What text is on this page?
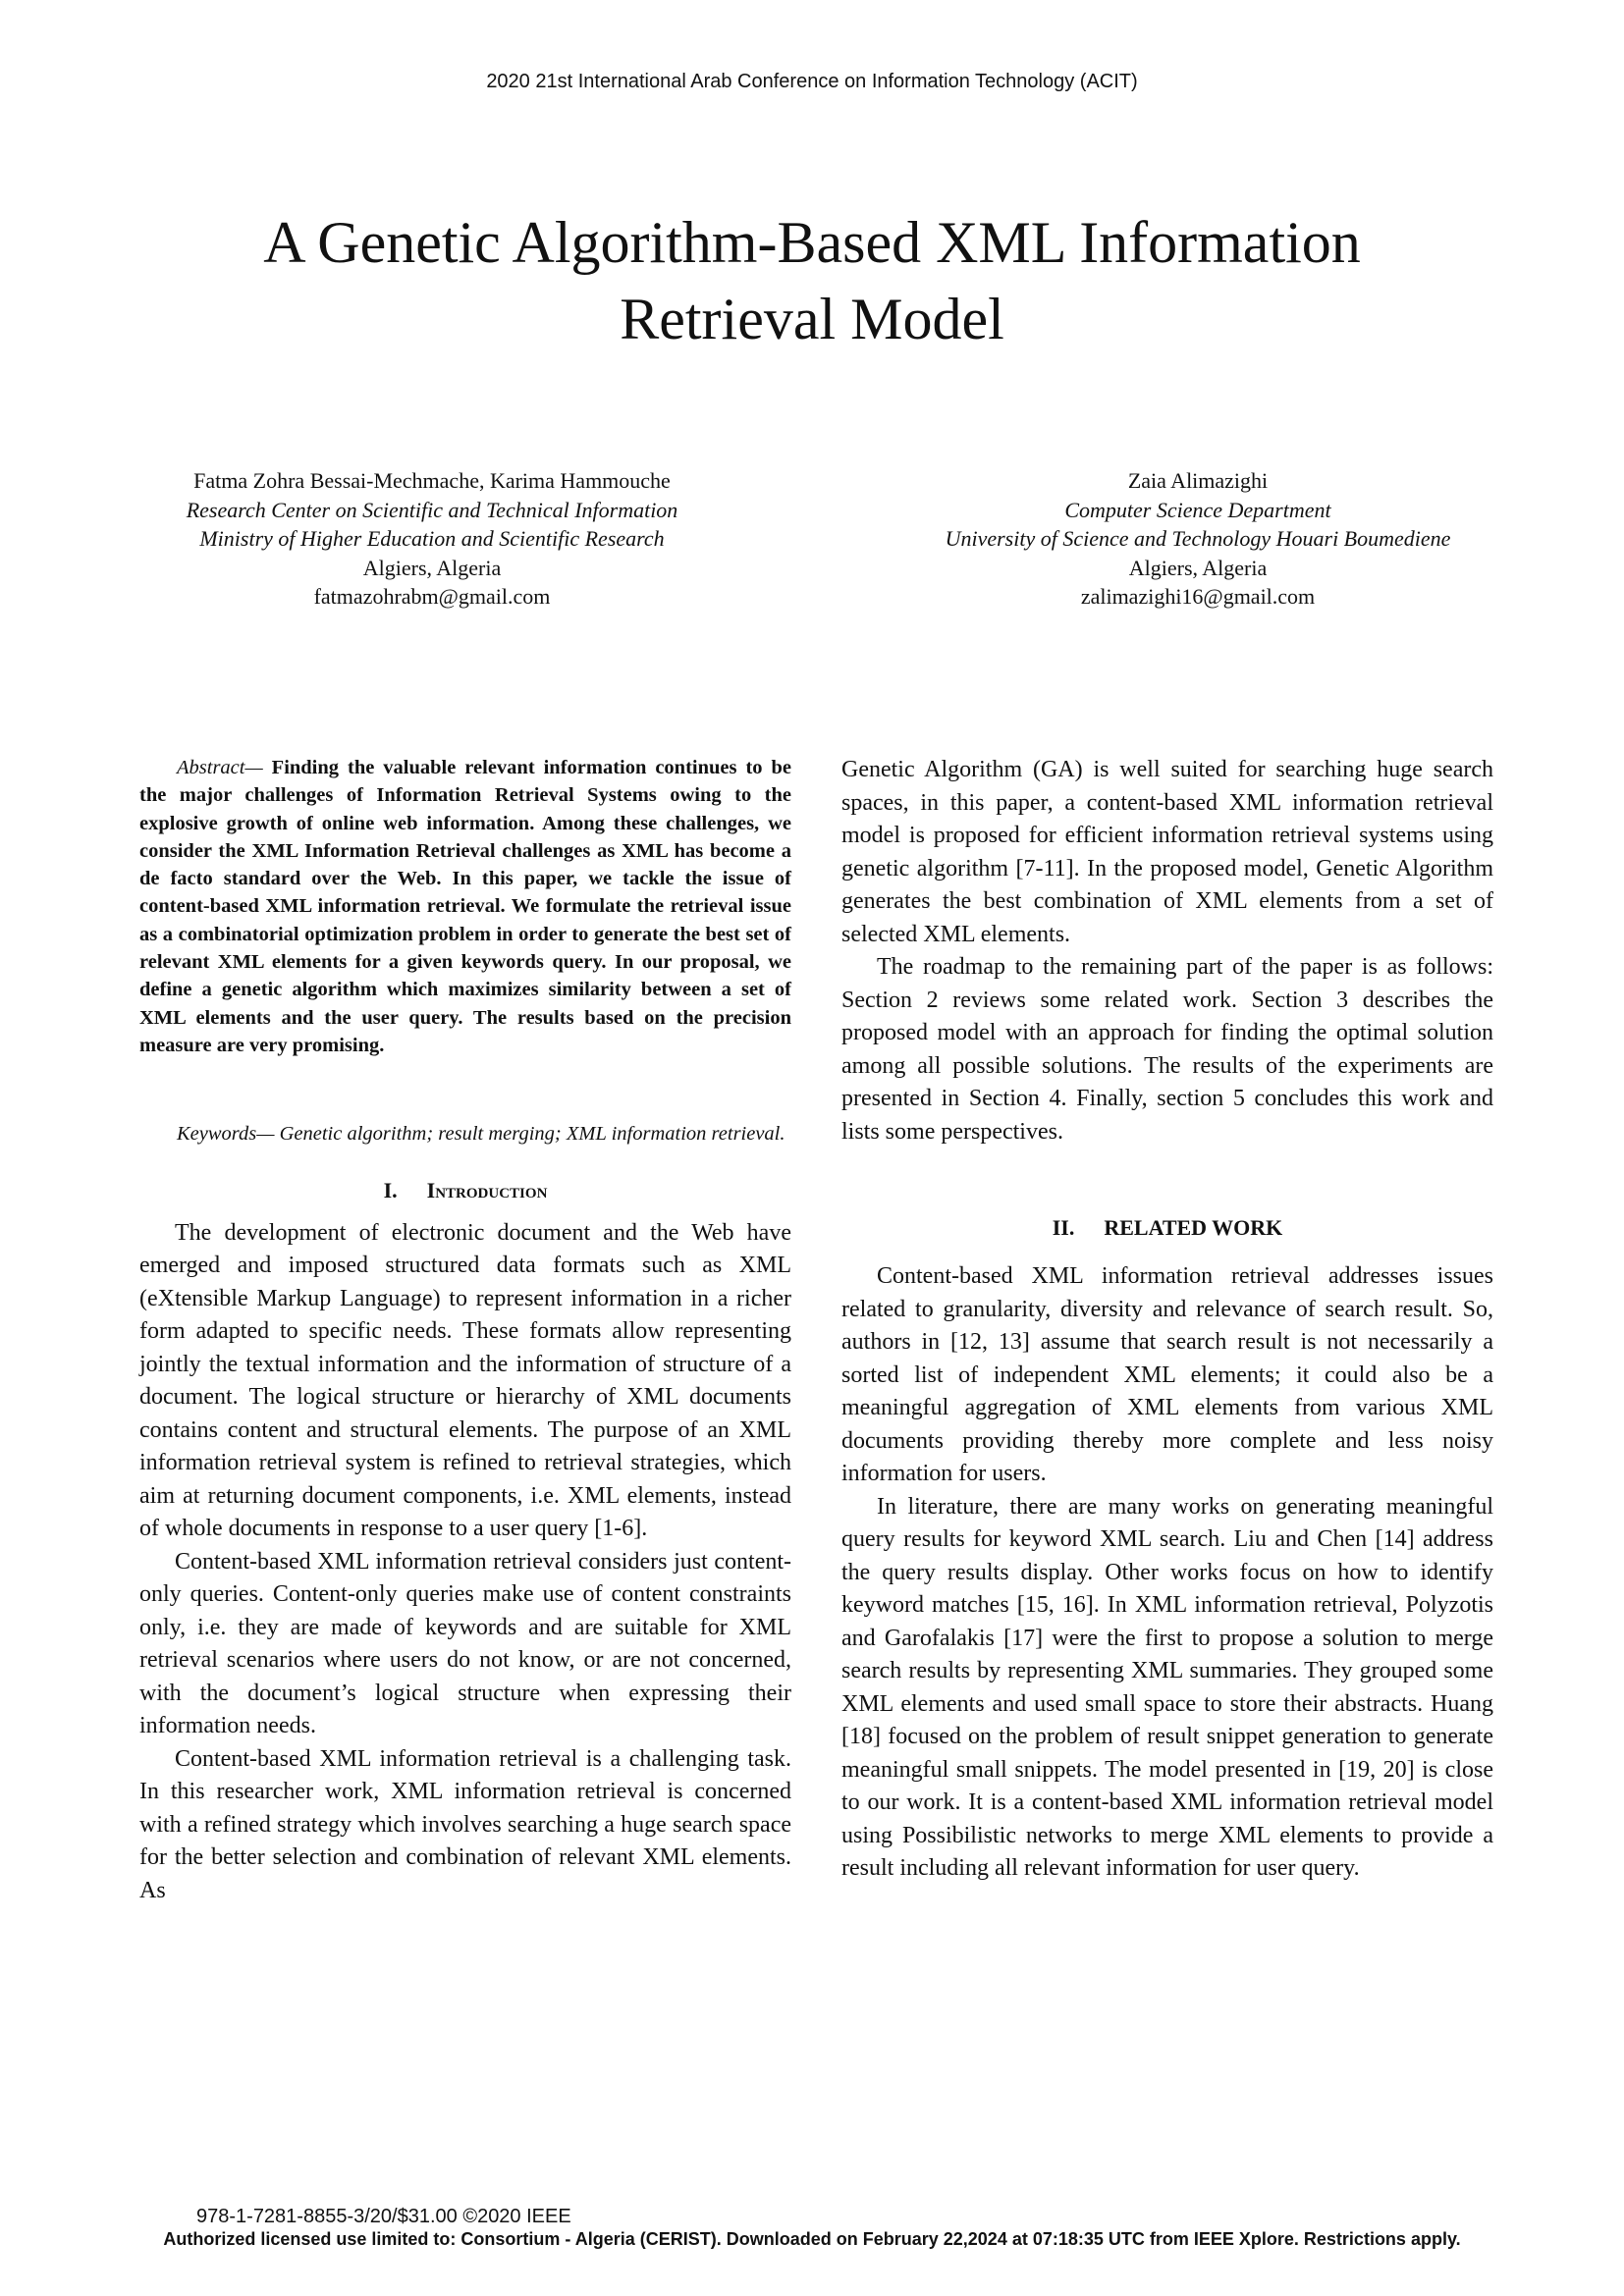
2020 21st International Arab Conference on Information Technology (ACIT)
A Genetic Algorithm-Based XML Information
Retrieval Model
Fatma Zohra Bessai-Mechmache, Karima Hammouche
Research Center on Scientific and Technical Information
Ministry of Higher Education and Scientific Research
Algiers, Algeria
fatmazohrabm@gmail.com
Zaia Alimazighi
Computer Science Department
University of Science and Technology Houari Boumediene
Algiers, Algeria
zalimazighi16@gmail.com

Abstract— Finding the valuable relevant information continues to be the major challenges of Information Retrieval Systems owing to the explosive growth of online web information. Among these challenges, we consider the XML Information Retrieval challenges as XML has become a de facto standard over the Web. In this paper, we tackle the issue of content-based XML information retrieval. We formulate the retrieval issue as a combinatorial optimization problem in order to generate the best set of relevant XML elements for a given keywords query. In our proposal, we define a genetic algorithm which maximizes similarity between a set of XML elements and the user query. The results based on the precision measure are very promising.

Keywords— Genetic algorithm; result merging; XML information retrieval.

I. Introduction

The development of electronic document and the Web have emerged and imposed structured data formats such as XML (eXtensible Markup Language) to represent information in a richer form adapted to specific needs. These formats allow representing jointly the textual information and the information of structure of a document. The logical structure or hierarchy of XML documents contains content and structural elements. The purpose of an XML information retrieval system is refined to retrieval strategies, which aim at returning document components, i.e. XML elements, instead of whole documents in response to a user query [1-6].

Content-based XML information retrieval considers just content-only queries. Content-only queries make use of content constraints only, i.e. they are made of keywords and are suitable for XML retrieval scenarios where users do not know, or are not concerned, with the document’s logical structure when expressing their information needs.

Content-based XML information retrieval is a challenging task. In this researcher work, XML information retrieval is concerned with a refined strategy which involves searching a huge search space for the better selection and combination of relevant XML elements. As

Genetic Algorithm (GA) is well suited for searching huge search spaces, in this paper, a content-based XML information retrieval model is proposed for efficient information retrieval systems using genetic algorithm [7-11]. In the proposed model, Genetic Algorithm generates the best combination of XML elements from a set of selected XML elements.

The roadmap to the remaining part of the paper is as follows: Section 2 reviews some related work. Section 3 describes the proposed model with an approach for finding the optimal solution among all possible solutions. The results of the experiments are presented in Section 4. Finally, section 5 concludes this work and lists some perspectives.

II. RELATED WORK

Content-based XML information retrieval addresses issues related to granularity, diversity and relevance of search result. So, authors in [12, 13] assume that search result is not necessarily a sorted list of independent XML elements; it could also be a meaningful aggregation of XML elements from various XML documents providing thereby more complete and less noisy information for users.

In literature, there are many works on generating meaningful query results for keyword XML search. Liu and Chen [14] address the query results display. Other works focus on how to identify keyword matches [15, 16]. In XML information retrieval, Polyzotis and Garofalakis [17] were the first to propose a solution to merge search results by representing XML summaries. They grouped some XML elements and used small space to store their abstracts. Huang [18] focused on the problem of result snippet generation to generate meaningful small snippets. The model presented in [19, 20] is close to our work. It is a content-based XML information retrieval model using Possibilistic networks to merge XML elements to provide a result including all relevant information for user query.

978-1-7281-8855-3/20/$31.00 ©2020 IEEE
Authorized licensed use limited to: Consortium - Algeria (CERIST). Downloaded on February 22,2024 at 07:18:35 UTC from IEEE Xplore. Restrictions apply.
